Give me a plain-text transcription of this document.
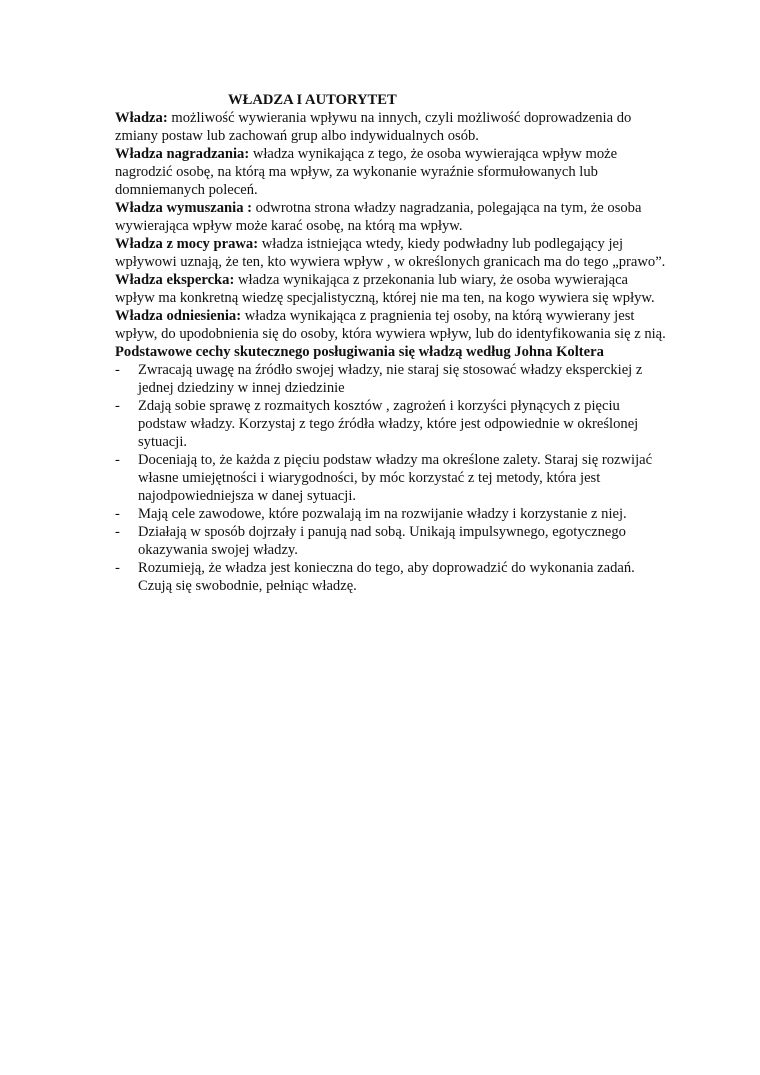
WŁADZA I AUTORYTET

Władza: możliwość wywierania wpływu na innych, czyli możliwość doprowadzenia do zmiany postaw lub zachowań grup albo indywidualnych osób.

Władza nagradzania: władza wynikająca z tego, że osoba wywierająca wpływ może nagrodzić osobę, na którą ma wpływ, za wykonanie wyraźnie sformułowanych lub domniemanych poleceń.

Władza wymuszania : odwrotna strona władzy nagradzania, polegająca na tym, że osoba wywierająca wpływ może karać osobę, na którą ma wpływ.

Władza z mocy prawa: władza istniejąca wtedy, kiedy podwładny lub podlegający jej wpływowi uznają, że ten, kto wywiera wpływ , w określonych granicach ma do tego „prawo”.

Władza ekspercka: władza wynikająca z przekonania lub wiary, że osoba wywierająca wpływ ma konkretną wiedzę specjalistyczną, której nie ma ten, na kogo wywiera się wpływ.

Władza odniesienia: władza wynikająca z pragnienia tej osoby, na którą wywierany jest wpływ, do upodobnienia się do osoby, która wywiera wpływ, lub do identyfikowania się z nią.

Podstawowe cechy skutecznego posługiwania się władzą według Johna Koltera

-	Zwracają uwagę na źródło swojej władzy, nie staraj się stosować władzy eksperckiej z jednej dziedziny w innej dziedzinie
-	Zdają sobie sprawę z rozmaitych kosztów , zagrożeń i korzyści płynących z pięciu podstaw władzy. Korzystaj z tego źródła władzy, które jest odpowiednie w określonej sytuacji.
-	Doceniają to, że każda z pięciu podstaw władzy ma określone zalety. Staraj się rozwijać własne umiejętności i wiarygodności, by móc korzystać z tej metody, która jest najodpowiedniejsza w danej sytuacji.
-	Mają cele zawodowe, które pozwalają im na rozwijanie władzy i korzystanie z niej.
-	Działają w sposób dojrzały i panują nad sobą. Unikają impulsywnego, egotycznego okazywania swojej władzy.
-	Rozumieją, że władza jest konieczna do tego, aby doprowadzić do wykonania zadań. Czują się swobodnie, pełniąc władzę.
